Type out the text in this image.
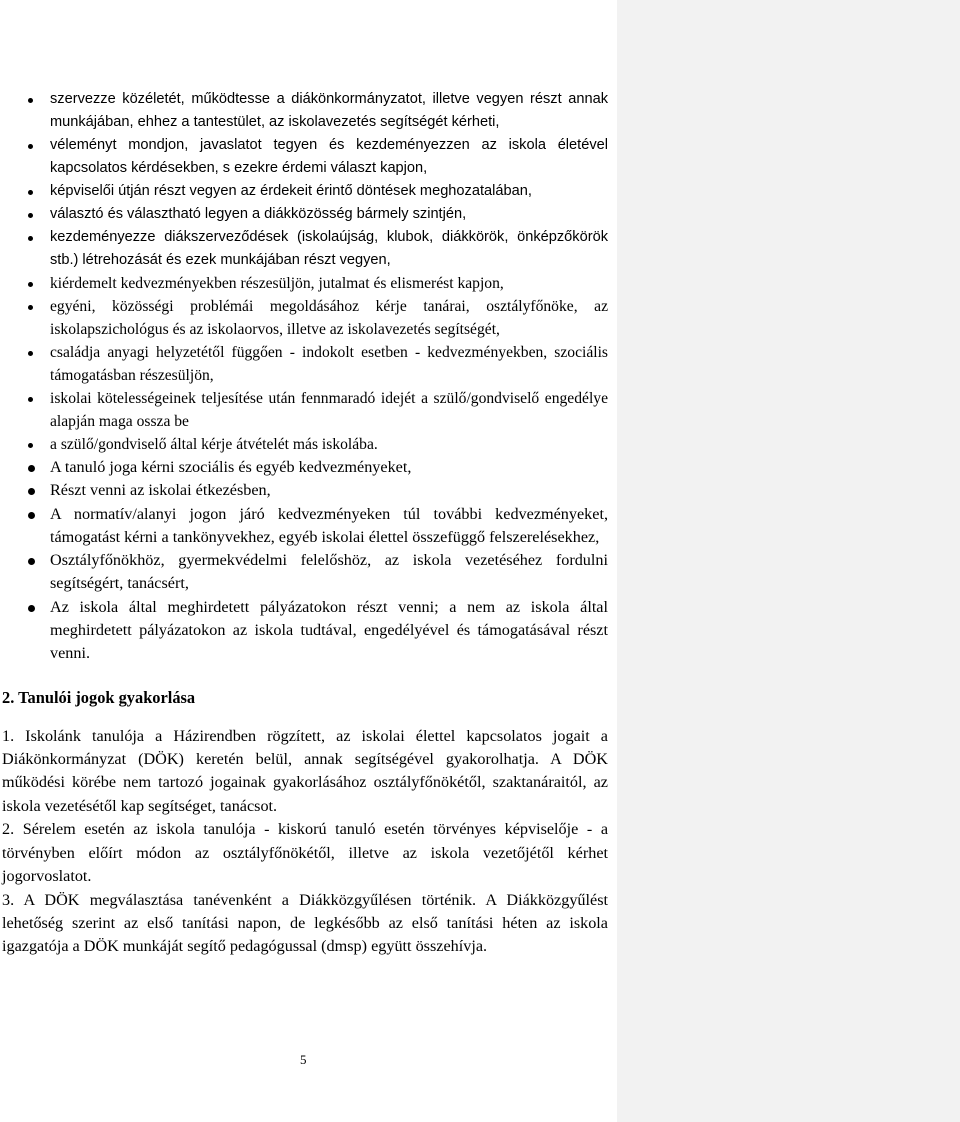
szervezze közéletét, működtesse a diákönkormányzatot, illetve vegyen részt annak munkájában, ehhez a tantestület, az iskolavezetés segítségét kérheti,
véleményt mondjon, javaslatot tegyen és kezdeményezzen az iskola életével kapcsolatos kérdésekben, s ezekre érdemi választ kapjon,
képviselői útján részt vegyen az érdekeit érintő döntések meghozatalában,
választó és választható legyen a diákközösség bármely szintjén,
kezdeményezze diákszerveződések (iskolaújság, klubok, diákkörök, önképzőkörök stb.) létrehozását és ezek munkájában részt vegyen,
kiérdemelt kedvezményekben részesüljön, jutalmat és elismerést kapjon,
egyéni, közösségi problémái megoldásához kérje tanárai, osztályfőnöke, az iskolapszichológus és az iskolaorvos, illetve az iskolavezetés segítségét,
családja anyagi helyzetétől függően - indokolt esetben - kedvezményekben, szociális támogatásban részesüljön,
iskolai kötelességeinek teljesítése után fennmaradó idejét a szülő/gondviselő engedélye alapján maga ossza be
a szülő/gondviselő által kérje átvételét más iskolába.
A tanuló joga kérni szociális és egyéb kedvezményeket,
Részt venni az iskolai étkezésben,
A normatív/alanyi jogon járó kedvezményeken túl további kedvezményeket, támogatást kérni a tankönyvekhez, egyéb iskolai élettel összefüggő felszerelésekhez,
Osztályfőnökhöz, gyermekvédelmi felelőshöz, az iskola vezetéséhez fordulni segítségért, tanácsért,
Az iskola által meghirdetett pályázatokon részt venni; a nem az iskola által meghirdetett pályázatokon az iskola tudtával, engedélyével és támogatásával részt venni.
2. Tanulói jogok gyakorlása

1. Iskolánk tanulója a Házirendben rögzített, az iskolai élettel kapcsolatos jogait a Diákönkormányzat (DÖK) keretén belül, annak segítségével gyakorolhatja. A DÖK működési körébe nem tartozó jogainak gyakorlásához osztályfőnökétől, szaktanáraitól, az iskola vezetésétől kap segítséget, tanácsot.

2. Sérelem esetén az iskola tanulója - kiskorú tanuló esetén törvényes képviselője - a törvényben előírt módon az osztályfőnökétől, illetve az iskola vezetőjétől kérhet jogorvoslatot.

3. A DÖK megválasztása tanévenként a Diákközgyűlésen történik. A Diákközgyűlést lehetőség szerint az első tanítási napon, de legkésőbb az első tanítási héten az iskola igazgatója a DÖK munkáját segítő pedagógussal (dmsp) együtt összehívja.

5
